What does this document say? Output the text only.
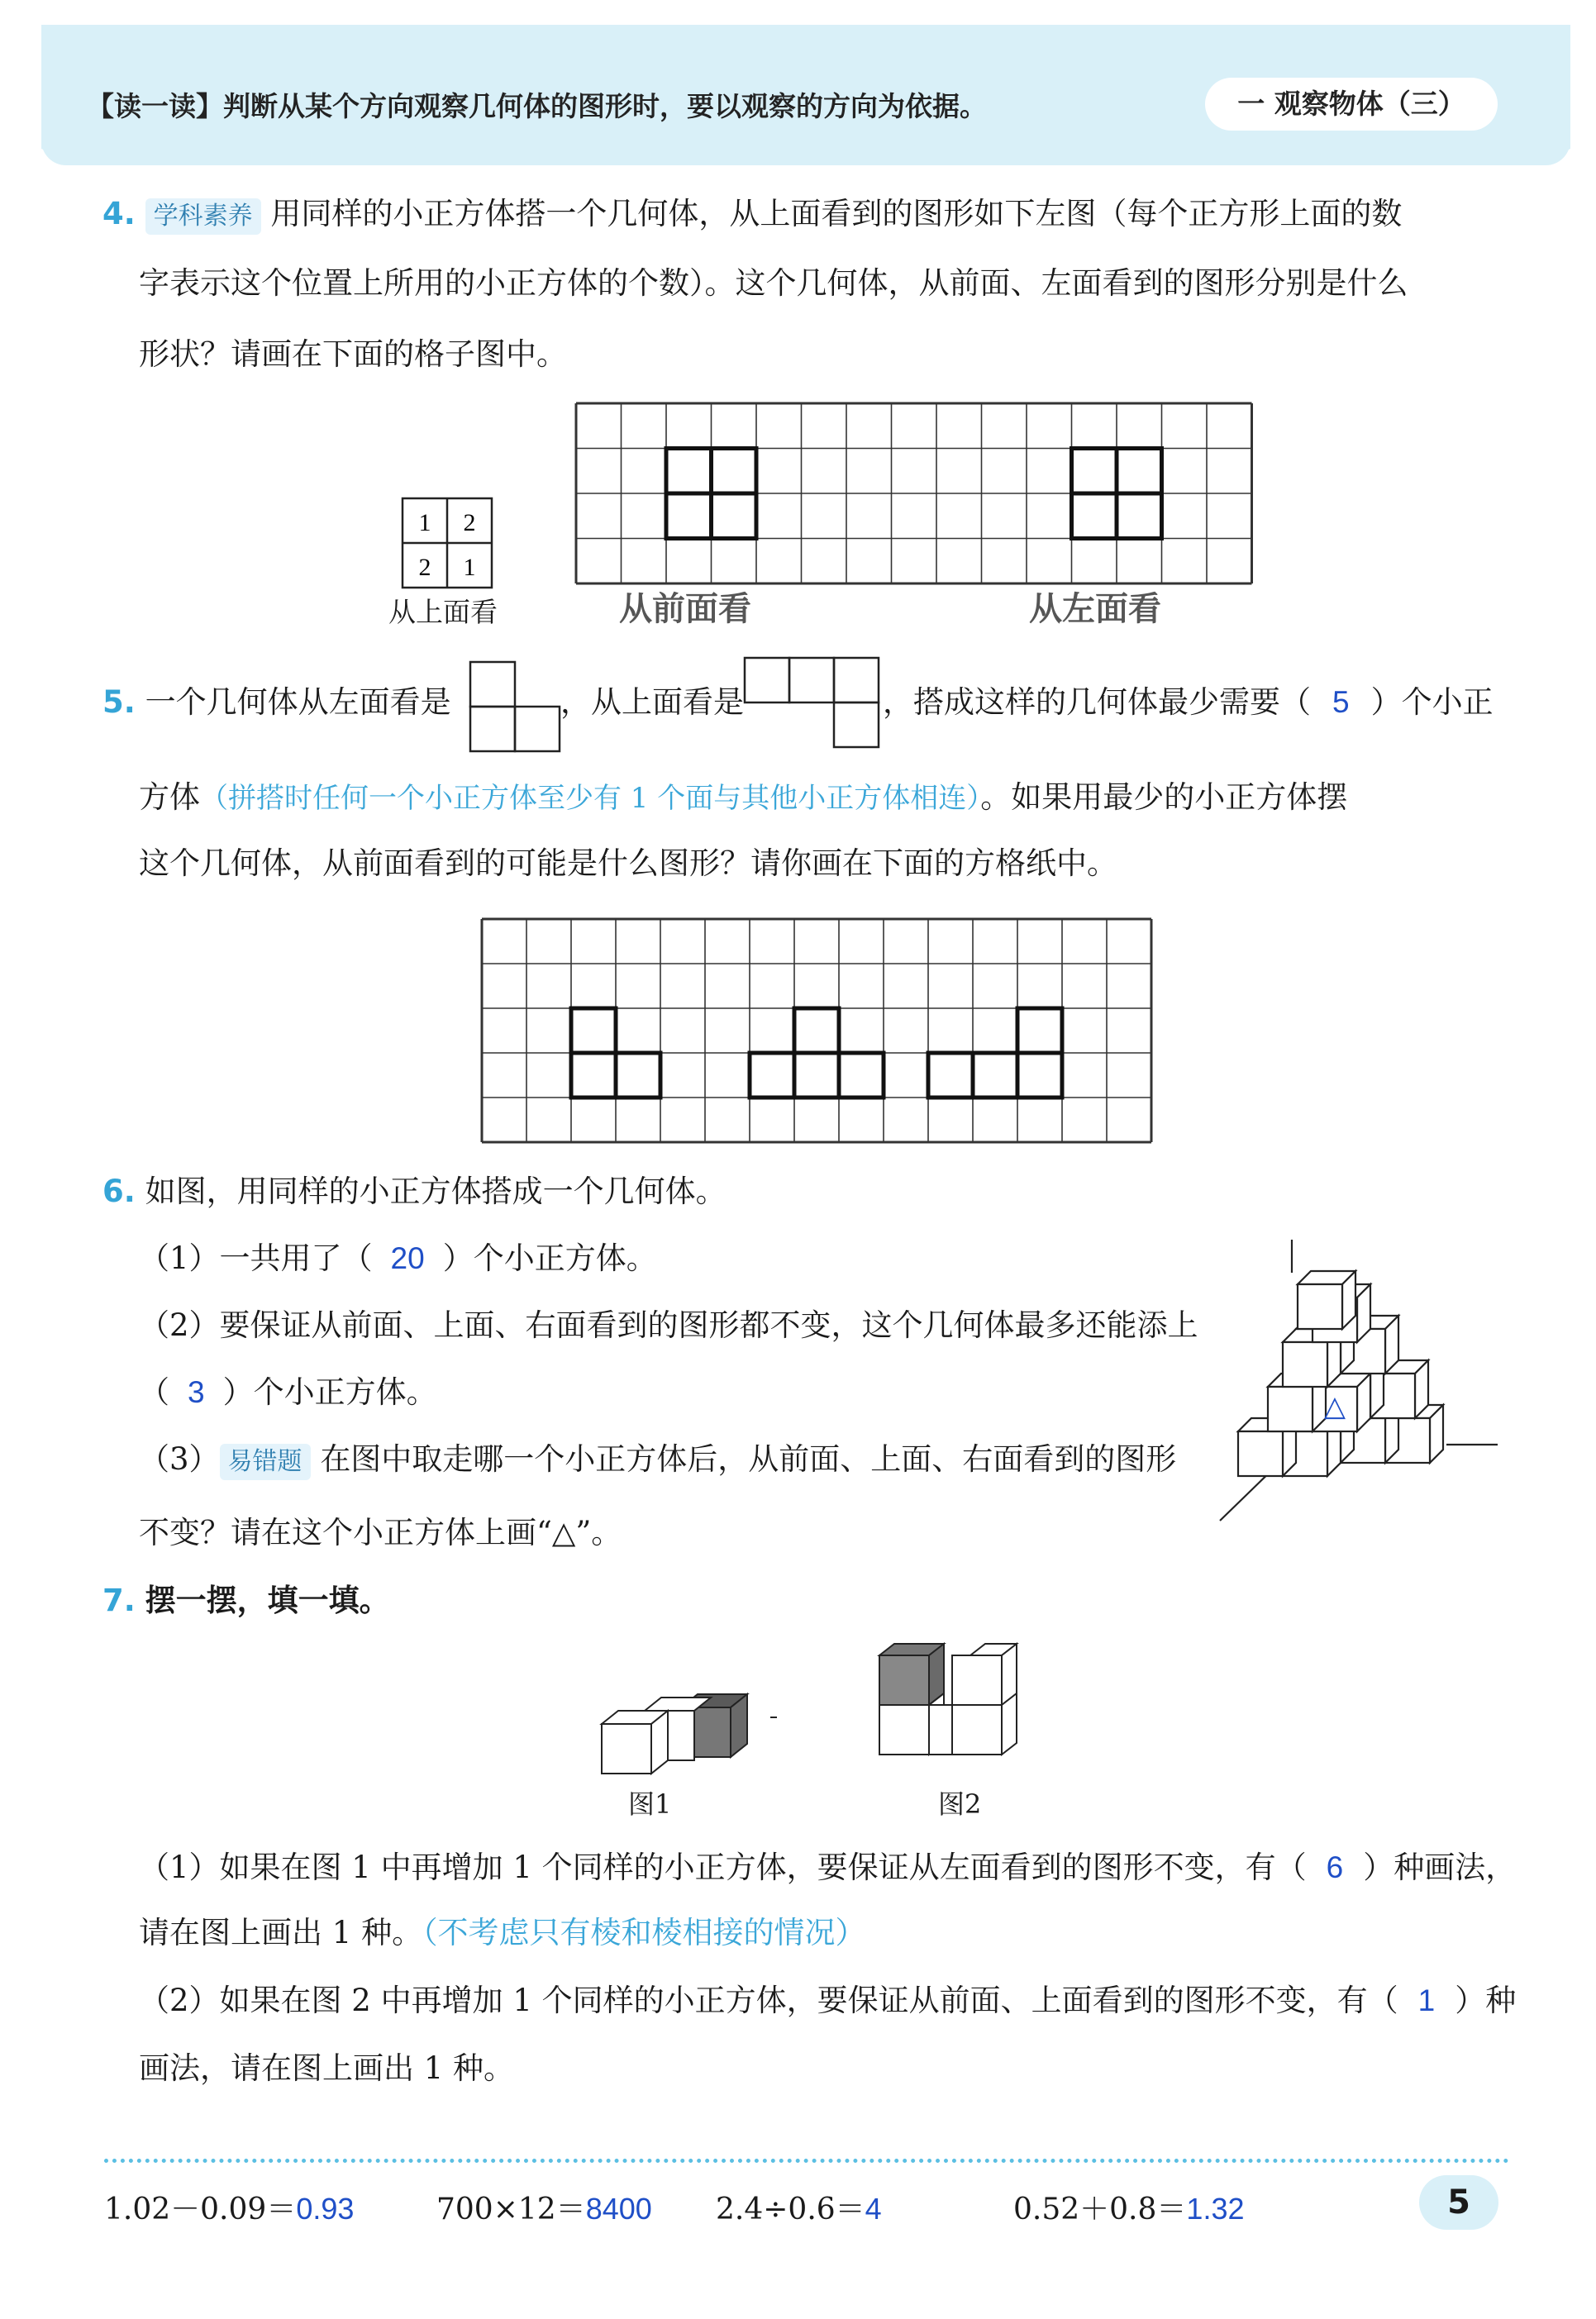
【读一读】判断从某个方向观察几何体的图形时，要以观察的方向为依据。	一 观察物体（三）
4. 学科素养 用同样的小正方体搭一个几何体，从上面看到的图形如下左图（每个正方形上面的数
字表示这个位置上所用的小正方体的个数）。这个几何体，从前面、左面看到的图形分别是什么
形状？请画在下面的格子图中。
1 2
2 1
从上面看	从前面看	从左面看
5. 一个几何体从左面看是	，从上面看是	，搭成这样的几何体最少需要（ 5 ）个小正
方体（拼搭时任何一个小正方体至少有 1 个面与其他小正方体相连）。如果用最少的小正方体摆
这个几何体，从前面看到的可能是什么图形？请你画在下面的方格纸中。
6. 如图，用同样的小正方体搭成一个几何体。
（1）一共用了（ 20 ）个小正方体。
（2）要保证从前面、上面、右面看到的图形都不变，这个几何体最多还能添上
（ 3 ）个小正方体。
（3） 易错题 在图中取走哪一个小正方体后，从前面、上面、右面看到的图形
不变？请在这个小正方体上画“△”。
△
7. 摆一摆，填一填。
图1	图2
（1）如果在图 1 中再增加 1 个同样的小正方体，要保证从左面看到的图形不变，有（ 6 ）种画法，
请在图上画出 1 种。（不考虑只有棱和棱相接的情况）
（2）如果在图 2 中再增加 1 个同样的小正方体，要保证从前面、上面看到的图形不变，有（ 1 ）种
画法，请在图上画出 1 种。
1.02－0.09＝0.93	700×12＝8400 2.4÷0.6＝4	0.52＋0.8＝1.32	5
